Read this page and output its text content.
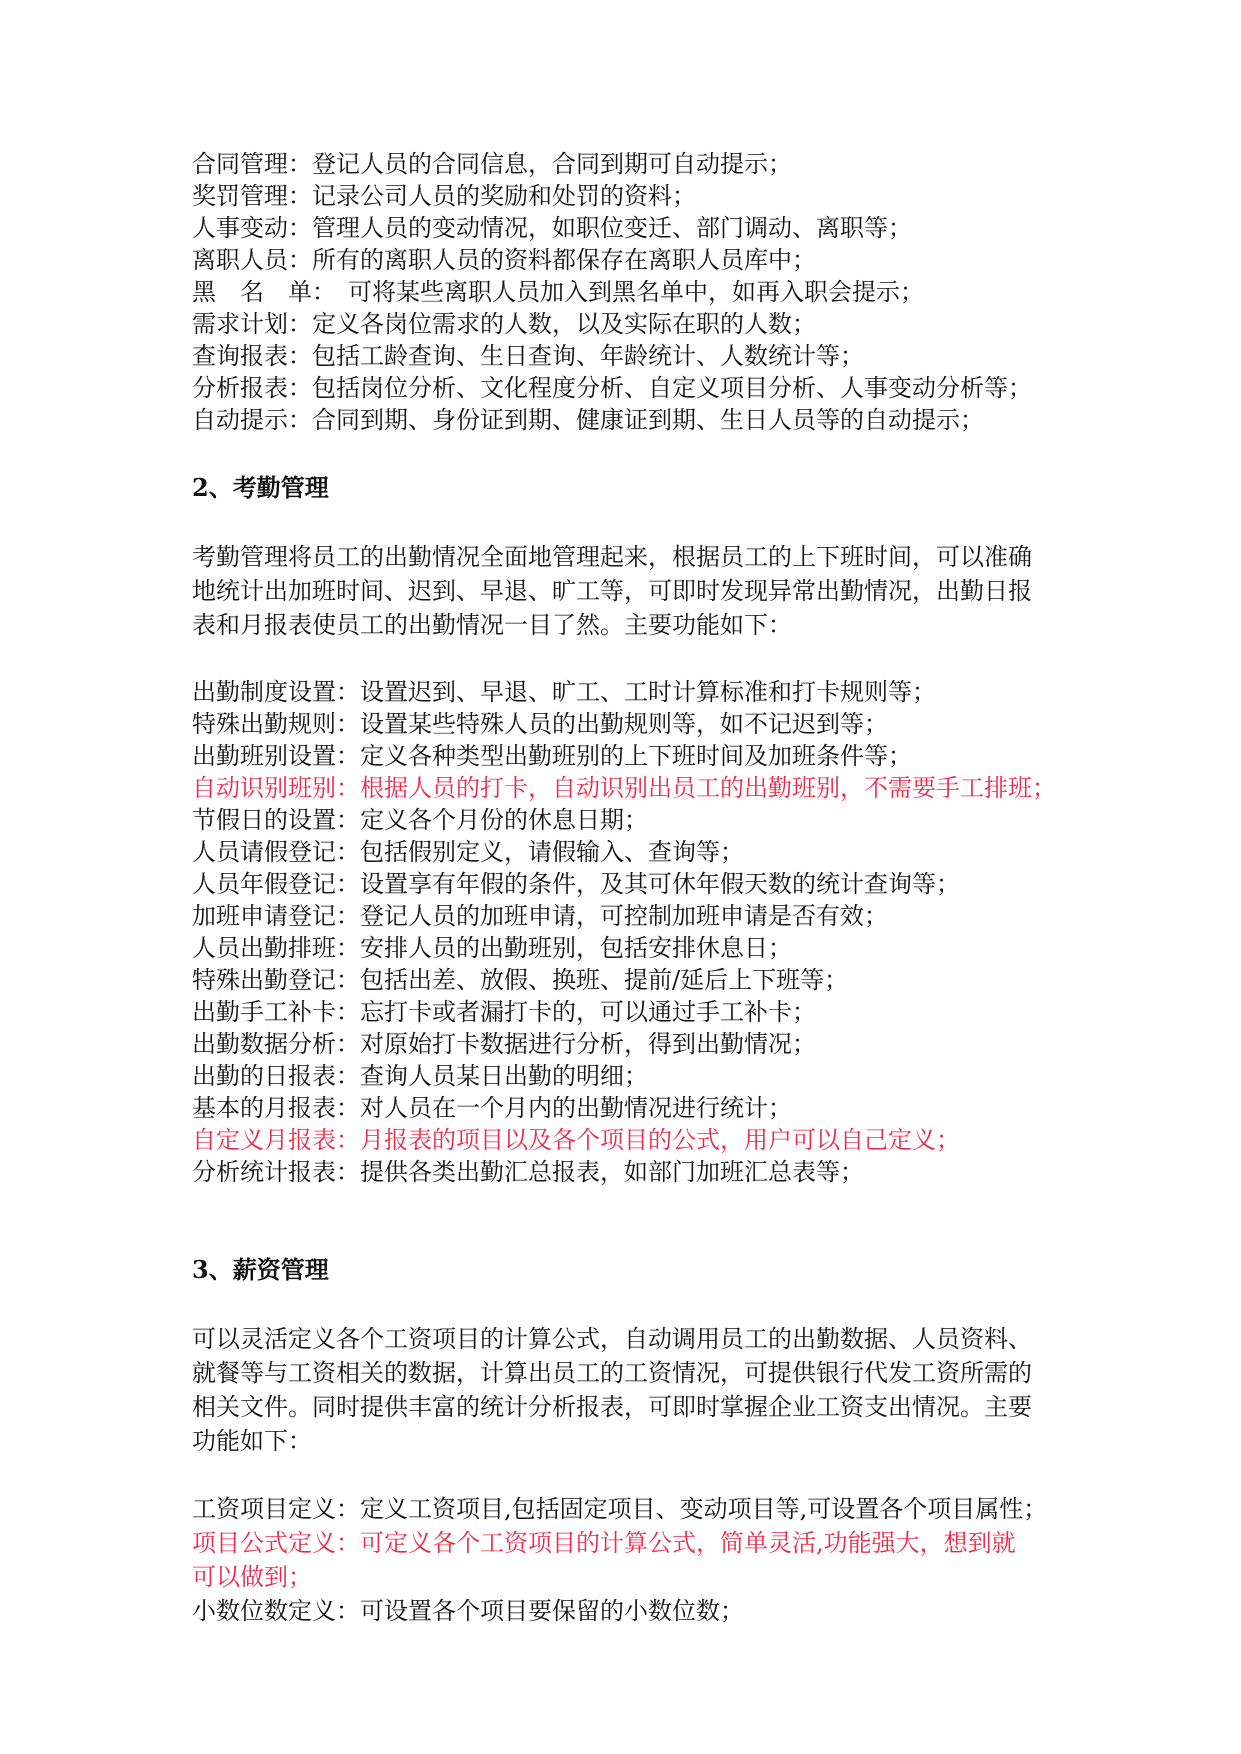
合同管理：登记人员的合同信息，合同到期可自动提示；
奖罚管理：记录公司人员的奖励和处罚的资料；
人事变动：管理人员的变动情况，如职位变迁、部门调动、离职等；
离职人员：所有的离职人员的资料都保存在离职人员库中；
黑　名　单：　可将某些离职人员加入到黑名单中，如再入职会提示；
需求计划：定义各岗位需求的人数，以及实际在职的人数；
查询报表：包括工龄查询、生日查询、年龄统计、人数统计等；
分析报表：包括岗位分析、文化程度分析、自定义项目分析、人事变动分析等；
自动提示：合同到期、身份证到期、健康证到期、生日人员等的自动提示；
2、考勤管理
考勤管理将员工的出勤情况全面地管理起来，根据员工的上下班时间，可以准确
地统计出加班时间、迟到、早退、旷工等，可即时发现异常出勤情况，出勤日报
表和月报表使员工的出勤情况一目了然。主要功能如下：
出勤制度设置：设置迟到、早退、旷工、工时计算标准和打卡规则等；
特殊出勤规则：设置某些特殊人员的出勤规则等，如不记迟到等；
出勤班别设置：定义各种类型出勤班别的上下班时间及加班条件等；
自动识别班别：根据人员的打卡，自动识别出员工的出勤班别，不需要手工排班；
节假日的设置：定义各个月份的休息日期；
人员请假登记：包括假别定义，请假输入、查询等；
人员年假登记：设置享有年假的条件，及其可休年假天数的统计查询等；
加班申请登记：登记人员的加班申请，可控制加班申请是否有效；
人员出勤排班：安排人员的出勤班别，包括安排休息日；
特殊出勤登记：包括出差、放假、换班、提前/延后上下班等；
出勤手工补卡：忘打卡或者漏打卡的，可以通过手工补卡；
出勤数据分析：对原始打卡数据进行分析，得到出勤情况；
出勤的日报表：查询人员某日出勤的明细；
基本的月报表：对人员在一个月内的出勤情况进行统计；
自定义月报表：月报表的项目以及各个项目的公式，用户可以自己定义；
分析统计报表：提供各类出勤汇总报表，如部门加班汇总表等；
3、薪资管理
可以灵活定义各个工资项目的计算公式，自动调用员工的出勤数据、人员资料、
就餐等与工资相关的数据，计算出员工的工资情况，可提供银行代发工资所需的
相关文件。同时提供丰富的统计分析报表，可即时掌握企业工资支出情况。主要
功能如下：
工资项目定义：定义工资项目,包括固定项目、变动项目等,可设置各个项目属性；
项目公式定义：可定义各个工资项目的计算公式，简单灵活,功能强大，想到就
可以做到；
小数位数定义：可设置各个项目要保留的小数位数；
